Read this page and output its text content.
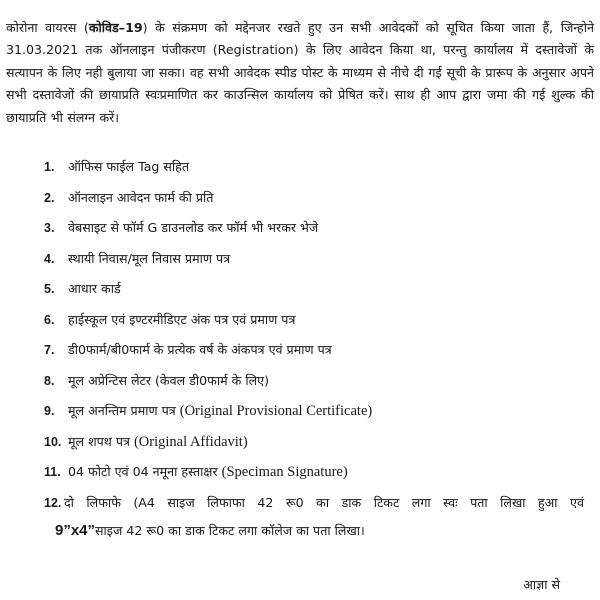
कोरोना वायरस (कोविड–19) के संक्रमण को मद्देनजर रखते हुए उन सभी आवेदकों को सूचित किया जाता हैं, जिन्होने 31.03.2021 तक ऑनलाइन पंजीकरण (Registration) के लिए आवेदन किया था, परन्तु कार्यालय में दस्तावेजों के सत्यापन के लिए नही बुलाया जा सका। वह सभी आवेदक स्पीड पोस्ट के माध्यम से नीचे दी गई सूची के प्रारूप के अनुसार अपने सभी दस्तावेजों की छायाप्रति स्वःप्रमाणित कर काउन्सिल कार्यालय को प्रेषित करें। साथ ही आप द्वारा जमा की गई शुल्क की छायाप्रति भी संलग्न करें।

1. ऑफिस फाईल Tag सहित
2. ऑनलाइन आवेदन फार्म की प्रति
3. वेबसाइट से फॉर्म G डाउनलोड कर फॉर्म भी भरकर भेजे
4. स्थायी निवास/मूल निवास प्रमाण पत्र
5. आधार कार्ड
6. हाईस्कूल एवं इण्टरमीडिएट अंक पत्र एवं प्रमाण पत्र
7. डी0फार्म/बी0फार्म के प्रत्येक वर्ष के अंकपत्र एवं प्रमाण पत्र
8. मूल अप्रेन्टिस लेटर (केवल डी0फार्म के लिए)
9. मूल अनन्तिम प्रमाण पत्र (Original Provisional Certificate)
10. मूल शपथ पत्र (Original Affidavit)
11. 04 फोटो एवं 04 नमूना हस्ताक्षर (Speciman Signature)
12. दो लिफाफे (A4 साइज लिफाफा 42 रू0 का डाक टिकट लगा स्वः पता लिखा हुआ एवं
9”x4”साइज 42 रू0 का डाक टिकट लगा कॉलेज का पता लिखा।
आज्ञा से
